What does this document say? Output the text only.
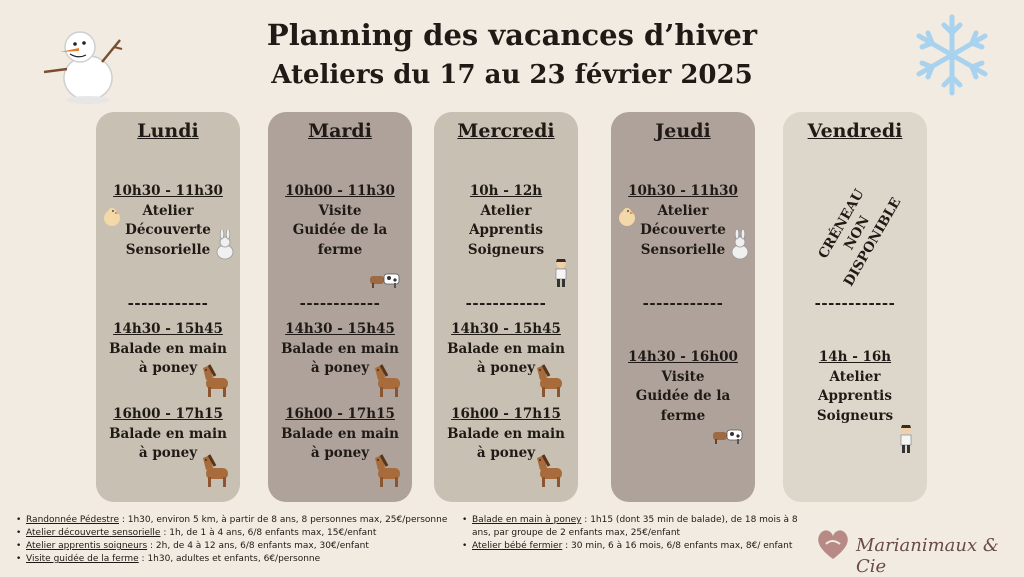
Planning des vacances d’hiver
Ateliers du 17 au 23 février 2025
Lundi
10h30 - 11h30
Atelier
Découverte
Sensorielle
------------
14h30 - 15h45
Balade en main
à poney
16h00 - 17h15
Balade en main
à poney
Mardi
10h00 - 11h30
Visite
Guidée de la
ferme
------------
14h30 - 15h45
Balade en main
à poney
16h00 - 17h15
Balade en main
à poney
Mercredi
10h - 12h
Atelier
Apprentis
Soigneurs
------------
14h30 - 15h45
Balade en main
à poney
16h00 - 17h15
Balade en main
à poney
Jeudi
10h30 - 11h30
Atelier
Découverte
Sensorielle
------------
14h30 - 16h00
Visite
Guidée de la
ferme
Vendredi
CRÉNEAU
NON
DISPONIBLE
------------
14h - 16h
Atelier
Apprentis
Soigneurs
• Randonnée Pédestre : 1h30, environ 5 km, à partir de 8 ans, 8 personnes max, 25€/personne
• Atelier découverte sensorielle : 1h, de 1 à 4 ans, 6/8 enfants max, 15€/enfant
• Atelier apprentis soigneurs : 2h, de 4 à 12 ans, 6/8 enfants max, 30€/enfant
• Visite guidée de la ferme : 1h30, adultes et enfants, 6€/personne
• Balade en main à poney : 1h15 (dont 35 min de balade), de 18 mois à 8 ans, par groupe de 2 enfants max, 25€/enfant
• Atelier bébé fermier : 30 min, 6 à 16 mois, 6/8 enfants max, 8€/ enfant	Marianimaux & Cie
